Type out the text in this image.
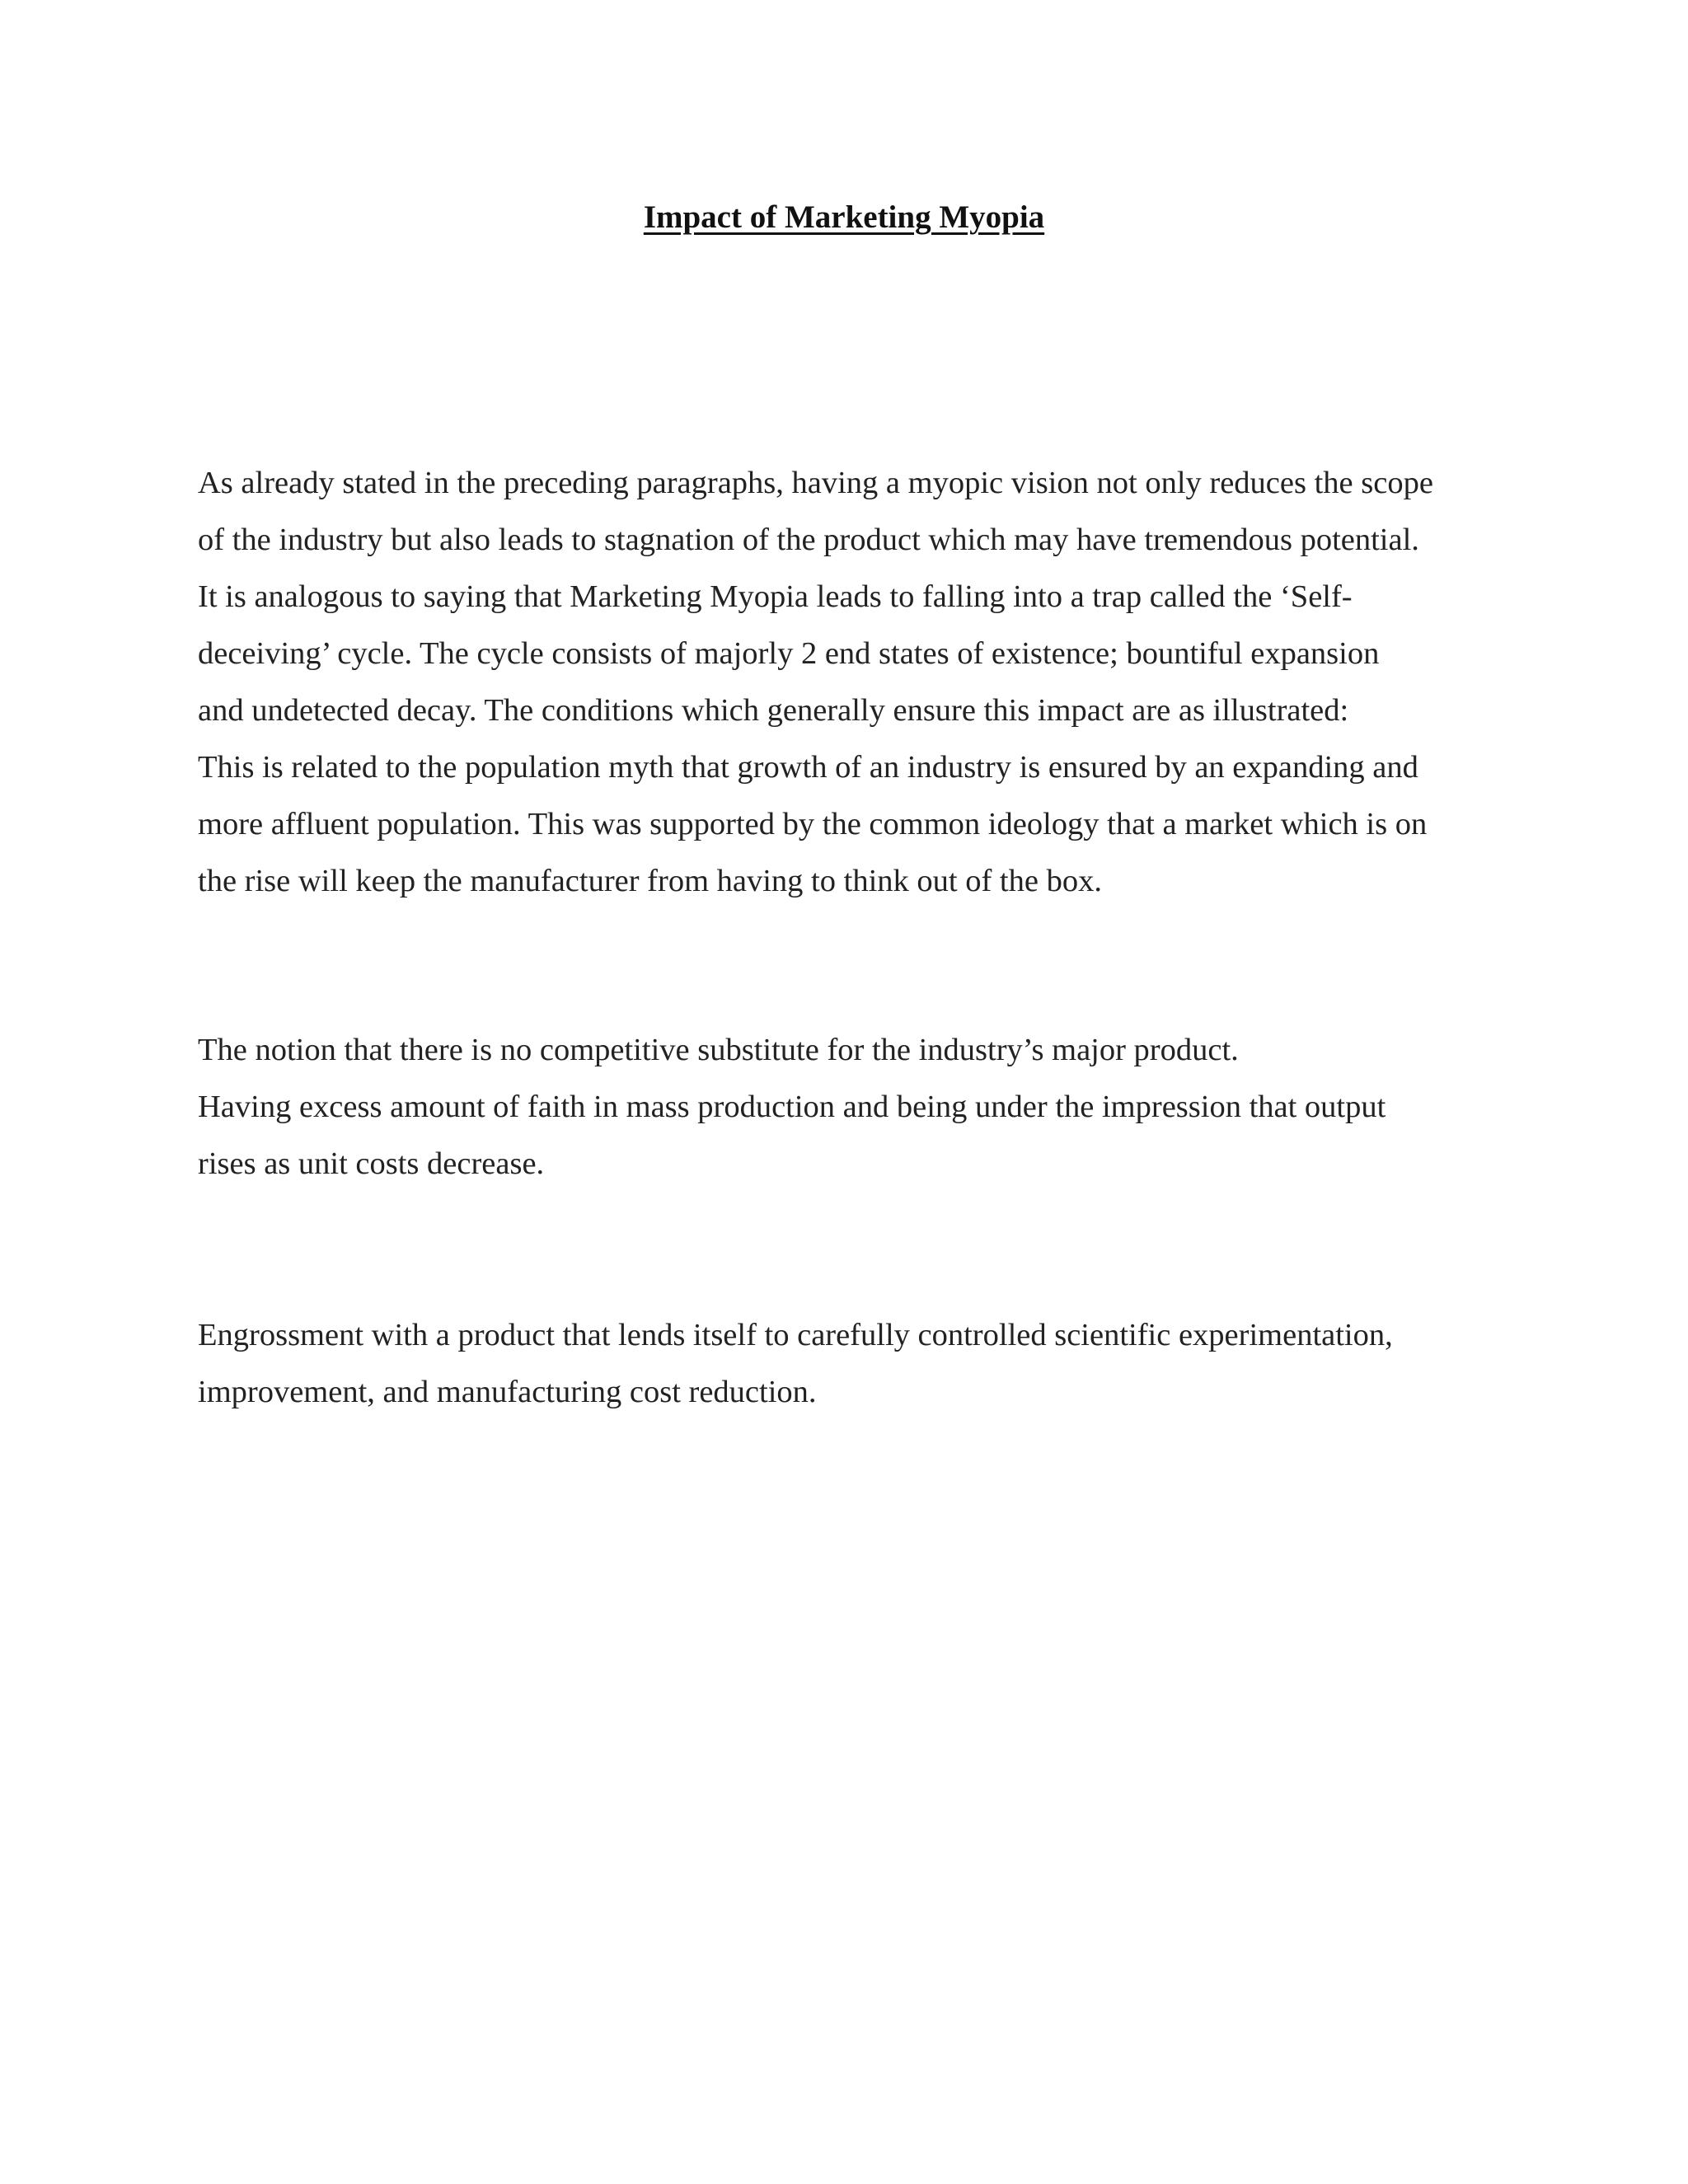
Impact of Marketing Myopia

As already stated in the preceding paragraphs, having a myopic vision not only reduces the scope
of the industry but also leads to stagnation of the product which may have tremendous potential.
It is analogous to saying that Marketing Myopia leads to falling into a trap called the ‘Self-
deceiving’ cycle. The cycle consists of majorly 2 end states of existence; bountiful expansion
and undetected decay. The conditions which generally ensure this impact are as illustrated:
This is related to the population myth that growth of an industry is ensured by an expanding and
more affluent population. This was supported by the common ideology that a market which is on
the rise will keep the manufacturer from having to think out of the box.

The notion that there is no competitive substitute for the industry’s major product.
Having excess amount of faith in mass production and being under the impression that output
rises as unit costs decrease.

Engrossment with a product that lends itself to carefully controlled scientific experimentation,
improvement, and manufacturing cost reduction.
